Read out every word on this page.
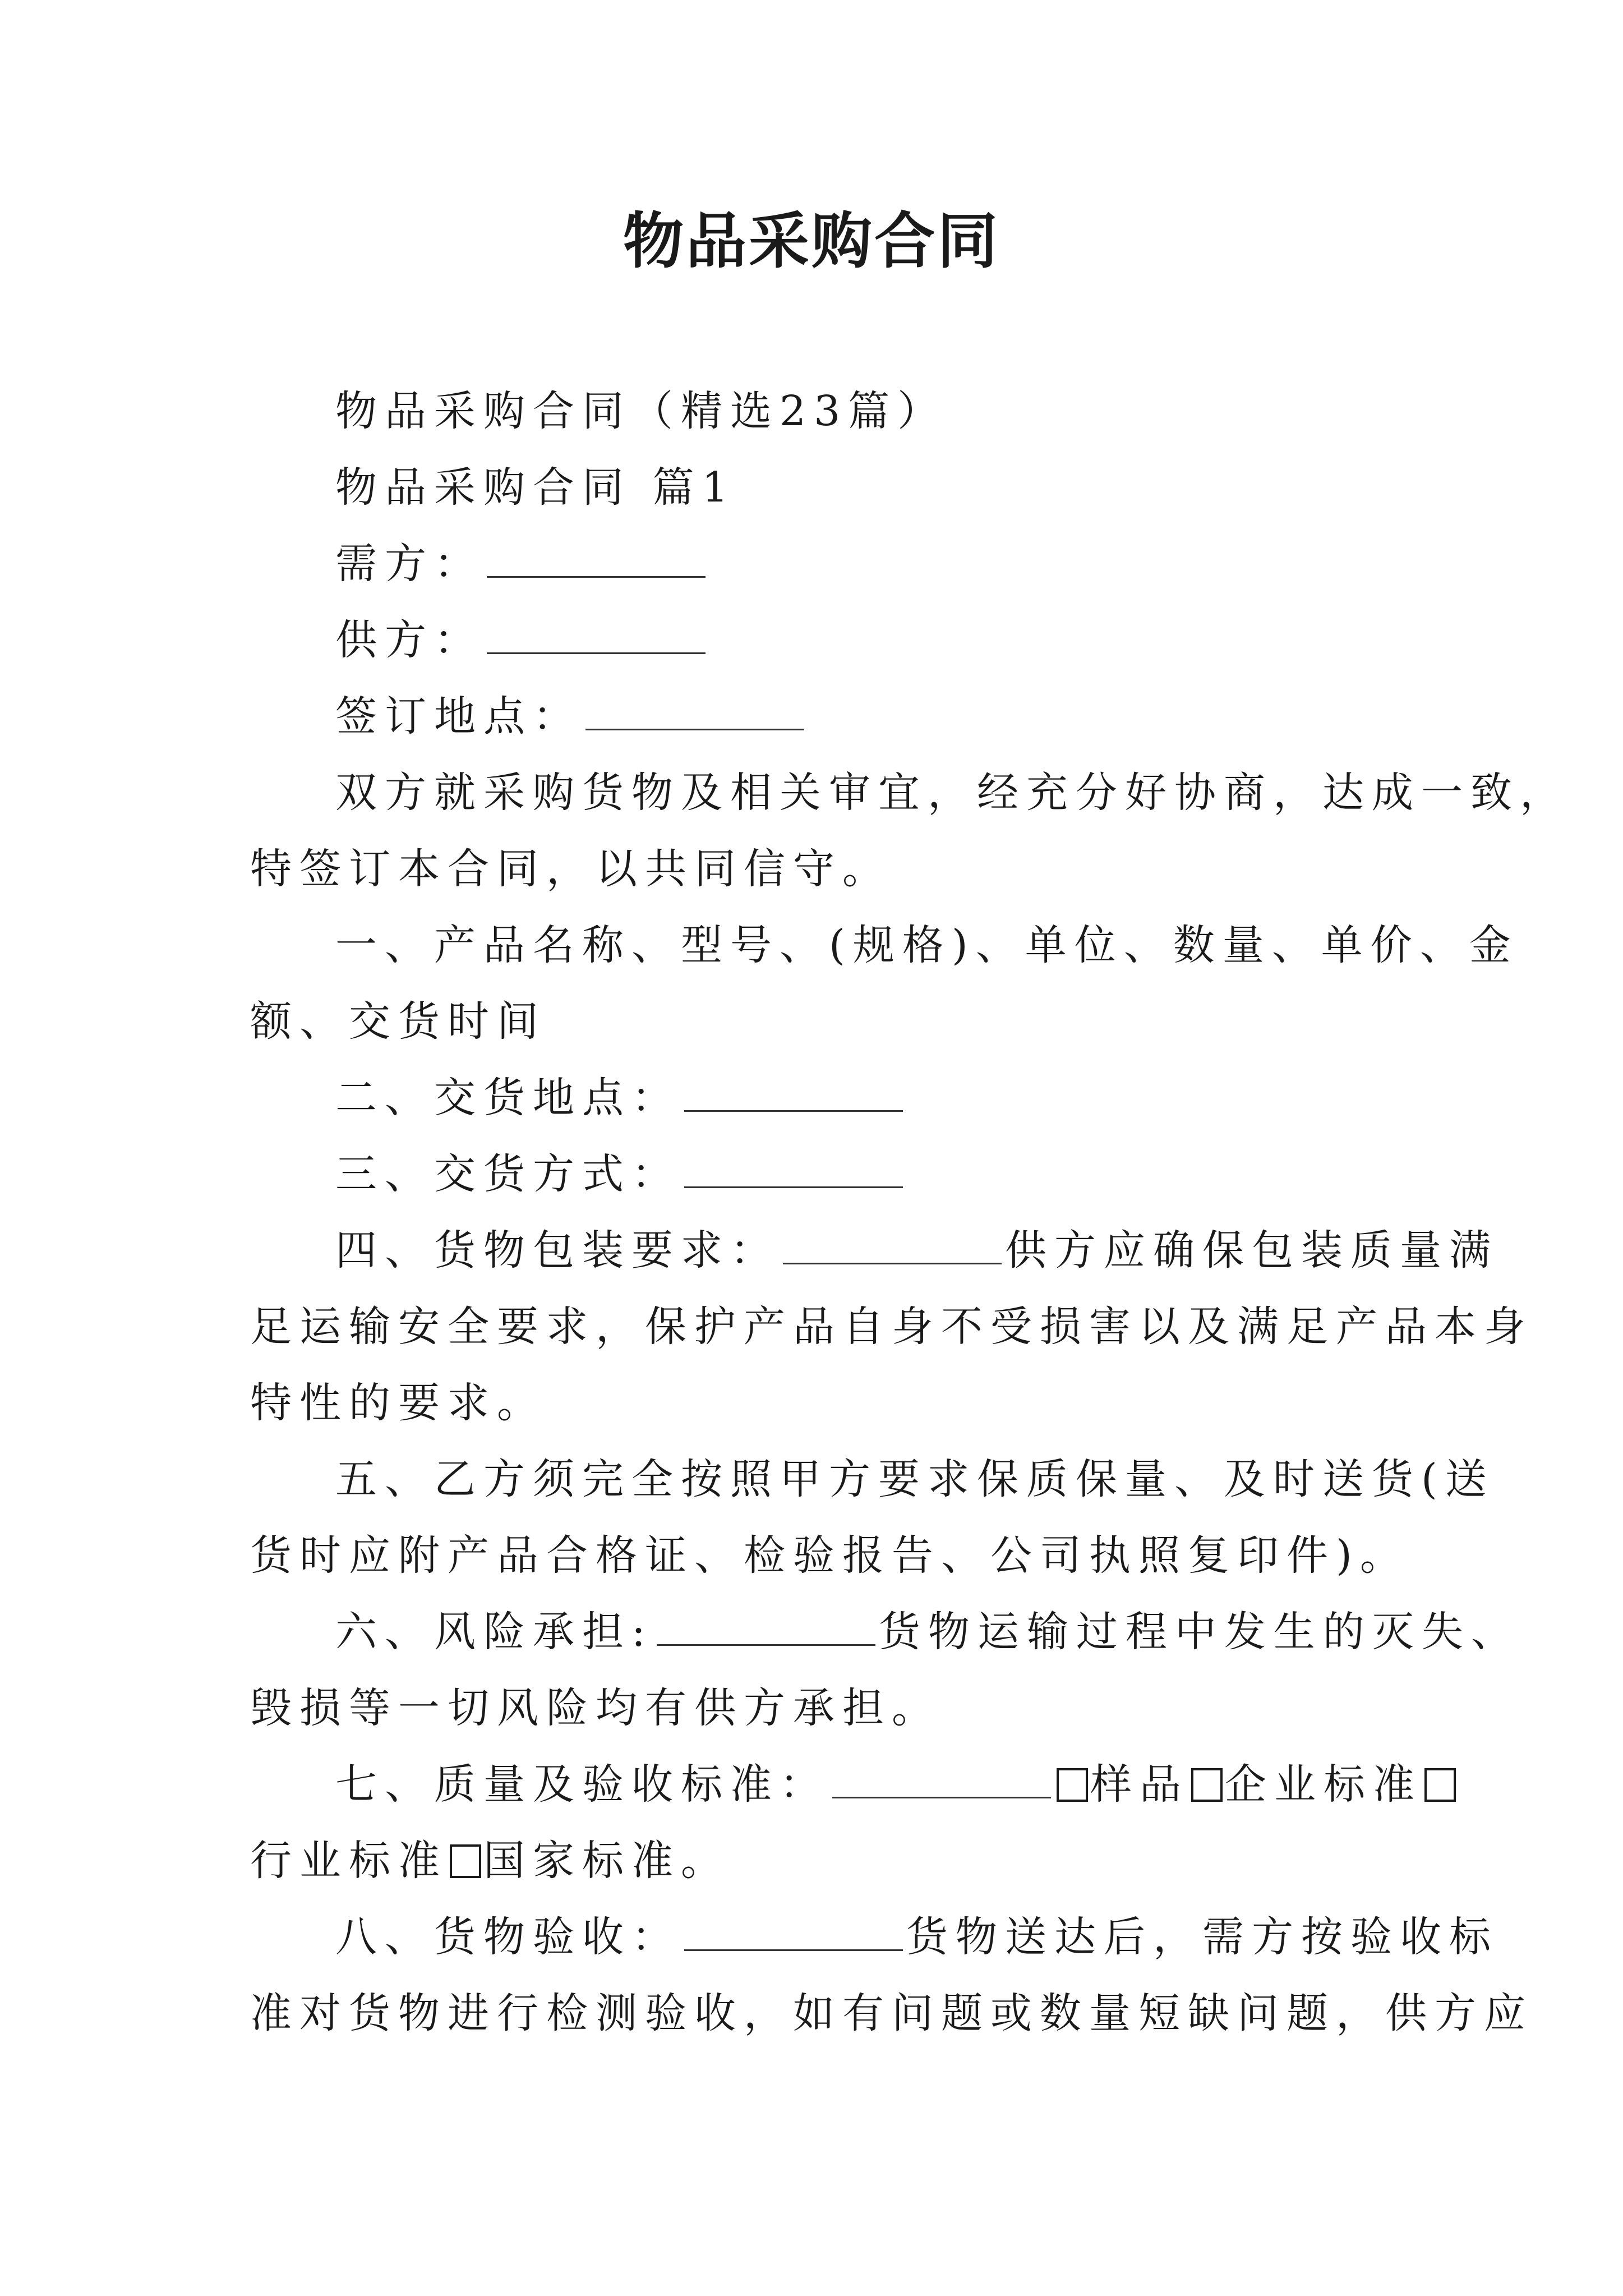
物品采购合同
物品采购合同（精选23篇）
物品采购合同 篇1
需方：
供方：
签订地点：
双方就采购货物及相关审宜，经充分好协商，达成一致，
特签订本合同，以共同信守。
一、产品名称、型号、(规格)、单位、数量、单价、金
额、交货时间
二、交货地点：
三、交货方式：
四、货物包装要求：	供方应确保包装质量满
足运输安全要求，保护产品自身不受损害以及满足产品本身
特性的要求。
五、乙方须完全按照甲方要求保质保量、及时送货(送
货时应附产品合格证、检验报告、公司执照复印件)。
六、风险承担:	货物运输过程中发生的灭失、
毁损等一切风险均有供方承担。
七、质量及验收标准：	样品 企业标准
行业标准 国家标准。
八、货物验收：	货物送达后，需方按验收标
准对货物进行检测验收，如有问题或数量短缺问题，供方应
